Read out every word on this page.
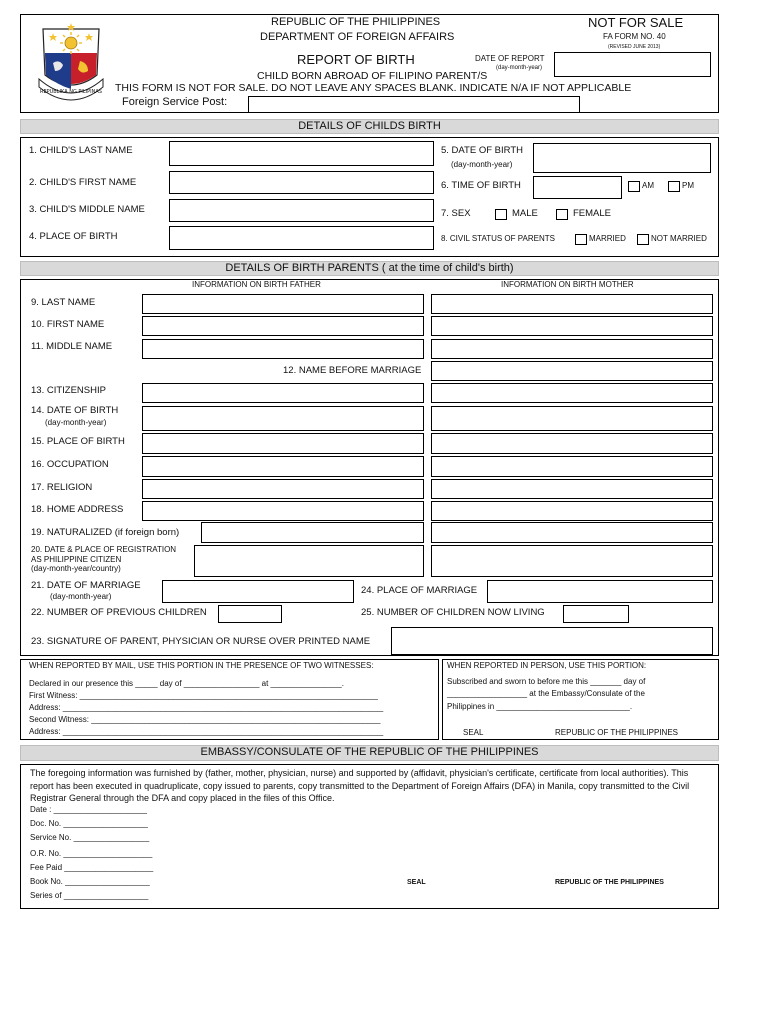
REPUBLIKA NG PILIPINAS
REPUBLIC OF THE PHILIPPINES
DEPARTMENT OF FOREIGN AFFAIRS
NOT FOR SALE
FA FORM NO. 40
(REVISED JUNE 2013)
REPORT OF BIRTH	DATE OF REPORT
(day-month-year)
CHILD BORN ABROAD OF FILIPINO PARENT/S
THIS FORM IS NOT FOR SALE. DO NOT LEAVE ANY SPACES BLANK. INDICATE N/A IF NOT APPLICABLE
Foreign Service Post:
DETAILS OF CHILDS BIRTH
1. CHILD'S LAST NAME
2. CHILD'S FIRST NAME
3. CHILD'S MIDDLE NAME
4. PLACE OF BIRTH
5. DATE OF BIRTH
(day-month-year)
6. TIME OF BIRTH	AM	PM
7. SEX	MALE	FEMALE
8. CIVIL STATUS OF PARENTS	MARRIED	NOT MARRIED
DETAILS OF BIRTH PARENTS ( at the time of child's birth)
INFORMATION ON BIRTH FATHER	INFORMATION ON BIRTH MOTHER
9. LAST NAME
10. FIRST NAME
11. MIDDLE NAME
12. NAME BEFORE MARRIAGE
13. CITIZENSHIP
14. DATE OF BIRTH
(day-month-year)
15. PLACE OF BIRTH
16. OCCUPATION
17. RELIGION
18. HOME ADDRESS
19. NATURALIZED (if foreign born)
20. DATE & PLACE OF REGISTRATION
AS PHILIPPINE CITIZEN
(day-month-year/country)
21. DATE OF MARRIAGE
(day-month-year)
24. PLACE OF MARRIAGE
22. NUMBER OF PREVIOUS CHILDREN	25. NUMBER OF CHILDREN NOW LIVING
23. SIGNATURE OF PARENT, PHYSICIAN OR NURSE OVER PRINTED NAME
WHEN REPORTED BY MAIL, USE THIS PORTION IN THE PRESENCE OF TWO WITNESSES:
Declared in our presence this _____ day of _________________ at ________________.
First Witness: ___________________________________________________________________
Address: ________________________________________________________________________
Second Witness: _________________________________________________________________
Address: ________________________________________________________________________
WHEN REPORTED IN PERSON, USE THIS PORTION:
Subscribed and sworn to before me this _______ day of
__________________ at the Embassy/Consulate of the
Philippines in ______________________________.
SEAL	REPUBLIC OF THE PHILIPPINES
EMBASSY/CONSULATE OF THE REPUBLIC OF THE PHILIPPINES
The foregoing information was furnished by (father, mother, physician, nurse) and supported by (affidavit, physician's certificate, certificate from local authorities). This report has been executed in quadruplicate, copy issued to parents, copy transmitted to the Department of Foreign Affairs (DFA) in Manila, copy transmitted to the Civil Registrar General through the DFA and copy placed in the files of this Office.
Date : _____________________
Doc. No. ___________________
Service No. _________________
O.R. No. ____________________
Fee Paid ____________________
Book No. ___________________
Series of ___________________
SEAL	REPUBLIC OF THE PHILIPPINES
